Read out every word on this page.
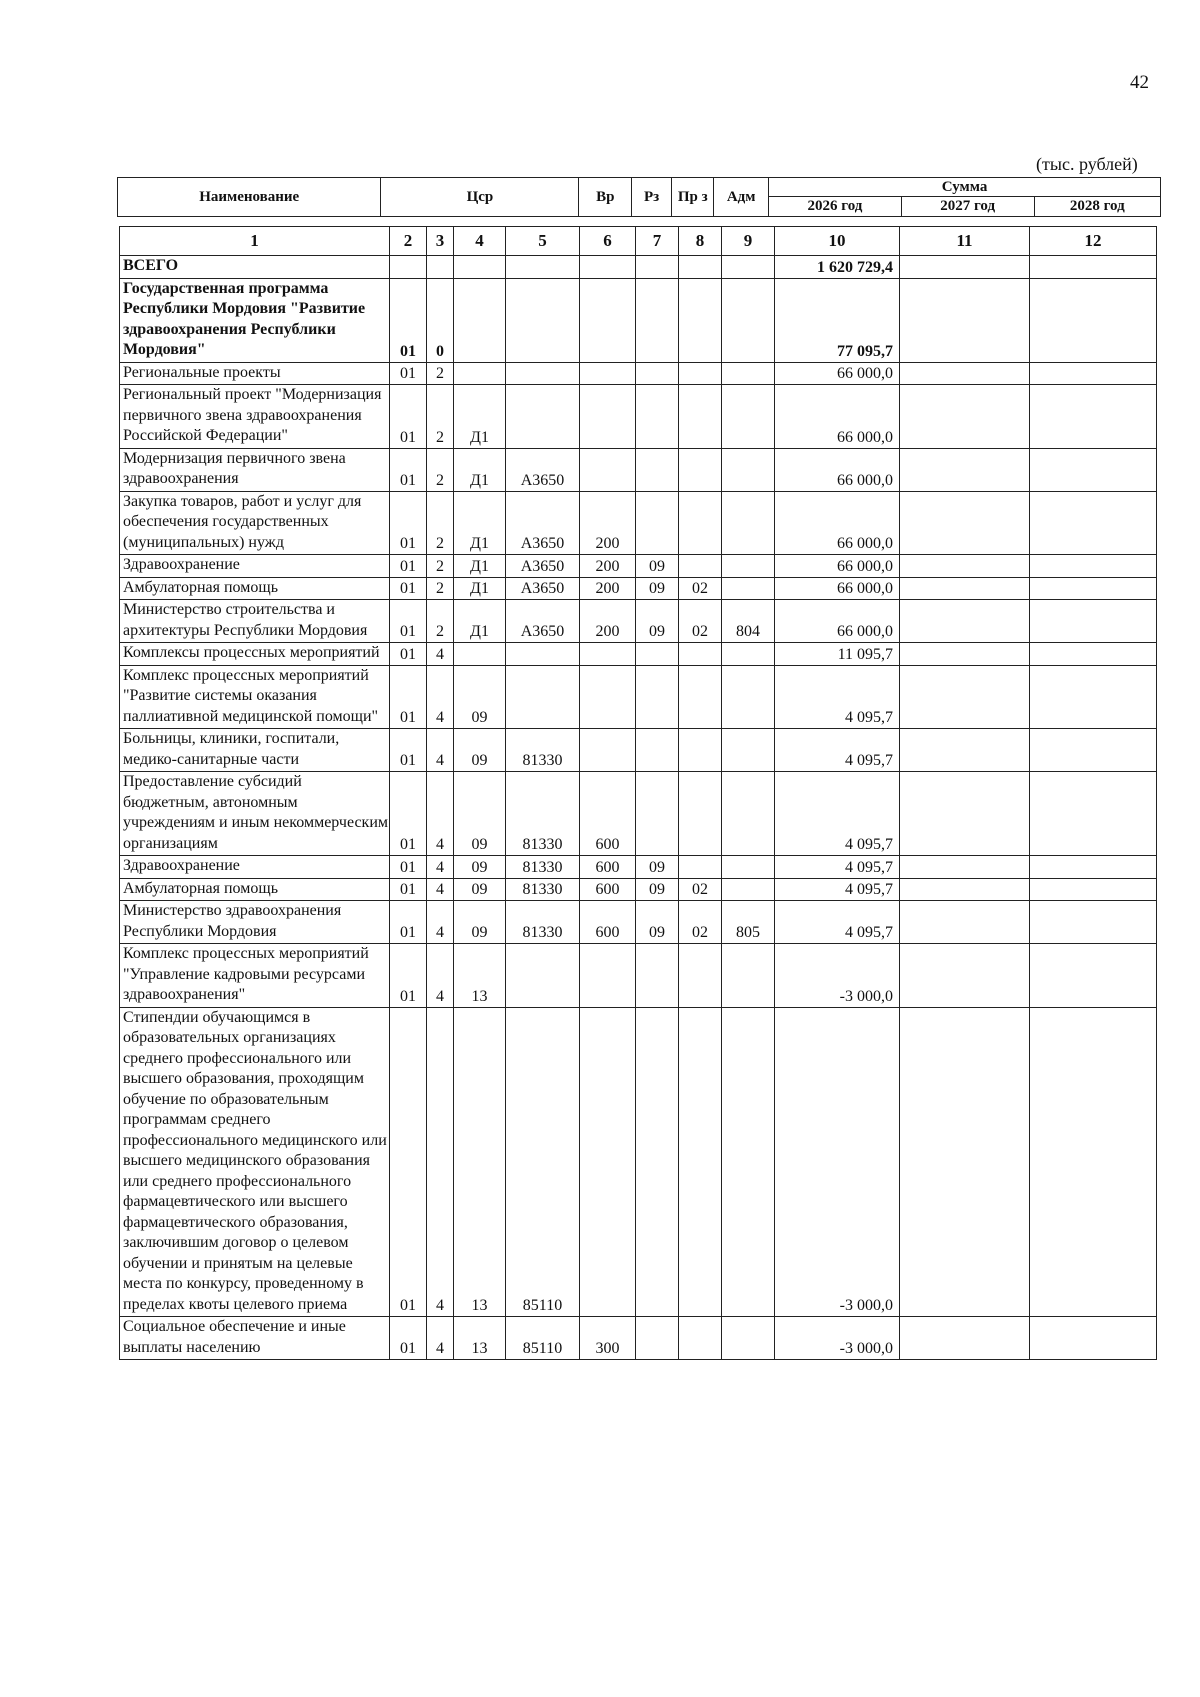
42
(тыс. рублей)
Наименование	Цср	Вр	Рз	Пр з	Адм	Сумма		
						2026 год	2027 год	2028 год
1	2	3	4	5	6	7	8	9	10	11	12
ВСЕГО									1 620 729,4		
Государственная программа Республики Мордовия "Развитие здравоохранения Республики Мордовия"	01	0							77 095,7		
Региональные проекты	01	2							66 000,0		
Региональный проект "Модернизация первичного звена здравоохранения Российской Федерации"	01	2	Д1						66 000,0		
Модернизация первичного звена здравоохранения	01	2	Д1	А3650					66 000,0		
Закупка товаров, работ и услуг для обеспечения государственных (муниципальных) нужд	01	2	Д1	А3650	200				66 000,0		
Здравоохранение	01	2	Д1	А3650	200	09			66 000,0		
Амбулаторная помощь	01	2	Д1	А3650	200	09	02		66 000,0		
Министерство строительства и архитектуры Республики Мордовия	01	2	Д1	А3650	200	09	02	804	66 000,0		
Комплексы процессных мероприятий	01	4							11 095,7		
Комплекс процессных мероприятий "Развитие системы оказания паллиативной медицинской помощи"	01	4	09						4 095,7		
Больницы, клиники, госпитали, медико-санитарные части	01	4	09	81330					4 095,7		
Предоставление субсидий бюджетным, автономным учреждениям и иным некоммерческим организациям	01	4	09	81330	600				4 095,7		
Здравоохранение	01	4	09	81330	600	09			4 095,7		
Амбулаторная помощь	01	4	09	81330	600	09	02		4 095,7		
Министерство здравоохранения Республики Мордовия	01	4	09	81330	600	09	02	805	4 095,7		
Комплекс процессных мероприятий "Управление кадровыми ресурсами здравоохранения"	01	4	13						-3 000,0		
Стипендии обучающимся в образовательных организациях среднего профессионального или высшего образования, проходящим обучение по образовательным программам среднего профессионального медицинского или высшего медицинского образования или среднего профессионального фармацевтического или высшего фармацевтического образования, заключившим договор о целевом обучении и принятым на целевые места по конкурсу, проведенному в пределах квоты целевого приема	01	4	13	85110					-3 000,0		
Социальное обеспечение и иные выплаты населению	01	4	13	85110	300				-3 000,0		
